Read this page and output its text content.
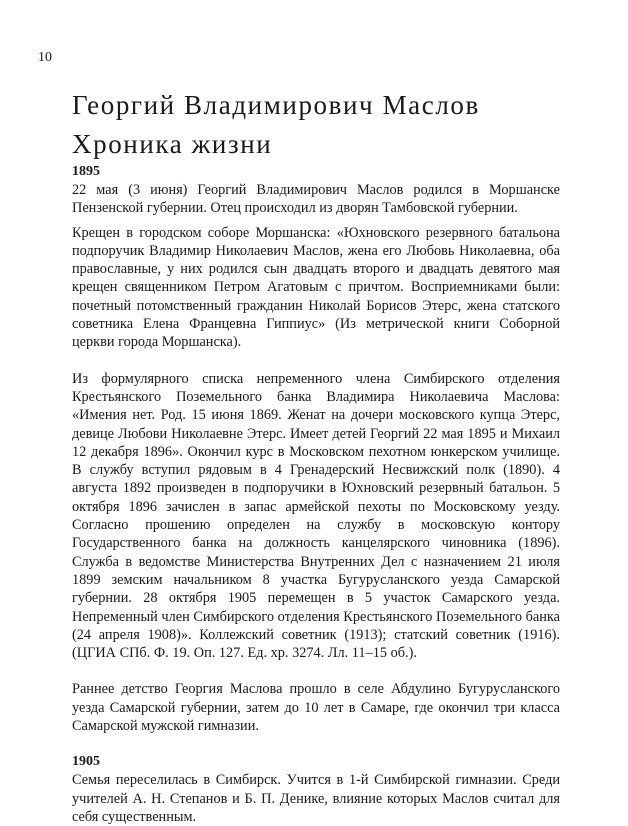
10
Георгий Владимирович Маслов
Хроника жизни

1895

22 мая (3 июня) Георгий Владимирович Маслов родился в Моршанске Пензенской губернии. Отец происходил из дворян Тамбовской губернии.

Крещен в городском соборе Моршанска: «Юхновского резервного батальона подпоручик Владимир Николаевич Маслов, жена его Любовь Николаевна, оба православные, у них родился сын двадцать второго и двадцать девятого мая крещен священником Петром Агатовым с причтом. Восприемниками были: почетный потомственный гражданин Николай Борисов Этерс, жена статского советника Елена Францевна Гиппиус» (Из метрической книги Соборной церкви города Моршанска).

Из формулярного списка непременного члена Симбирского отделения Крестьянского Поземельного банка Владимира Николаевича Маслова: «Имения нет. Род. 15 июня 1869. Женат на дочери московского купца Этерс, девице Любови Николаевне Этерс. Имеет детей Георгий 22 мая 1895 и Михаил 12 декабря 1896». Окончил курс в Московском пехотном юнкерском училище. В службу вступил рядовым в 4 Гренадерский Несвижский полк (1890). 4 августа 1892 произведен в подпоручики в Юхновский резервный батальон. 5 октября 1896 зачислен в запас армейской пехоты по Московскому уезду. Согласно прошению определен на службу в московскую контору Государственного банка на должность канцелярского чиновника (1896). Служба в ведомстве Министерства Внутренних Дел с назначением 21 июля 1899 земским начальником 8 участка Бугурусланского уезда Самарской губернии. 28 октября 1905 перемещен в 5 участок Самарского уезда. Непременный член Симбирского отделения Крестьянского Поземельного банка (24 апреля 1908)». Коллежский советник (1913); статский советник (1916). (ЦГИА СПб. Ф. 19. Оп. 127. Ед. хр. 3274. Лл. 11–15 об.).

Раннее детство Георгия Маслова прошло в селе Абдулино Бугурусланского уезда Самарской губернии, затем до 10 лет в Самаре, где окончил три класса Самарской мужской гимназии.

1905

Семья переселилась в Симбирск. Учится в 1-й Симбирской гимназии. Среди учителей А. Н. Степанов и Б. П. Денике, влияние которых Маслов считал для себя существенным.
